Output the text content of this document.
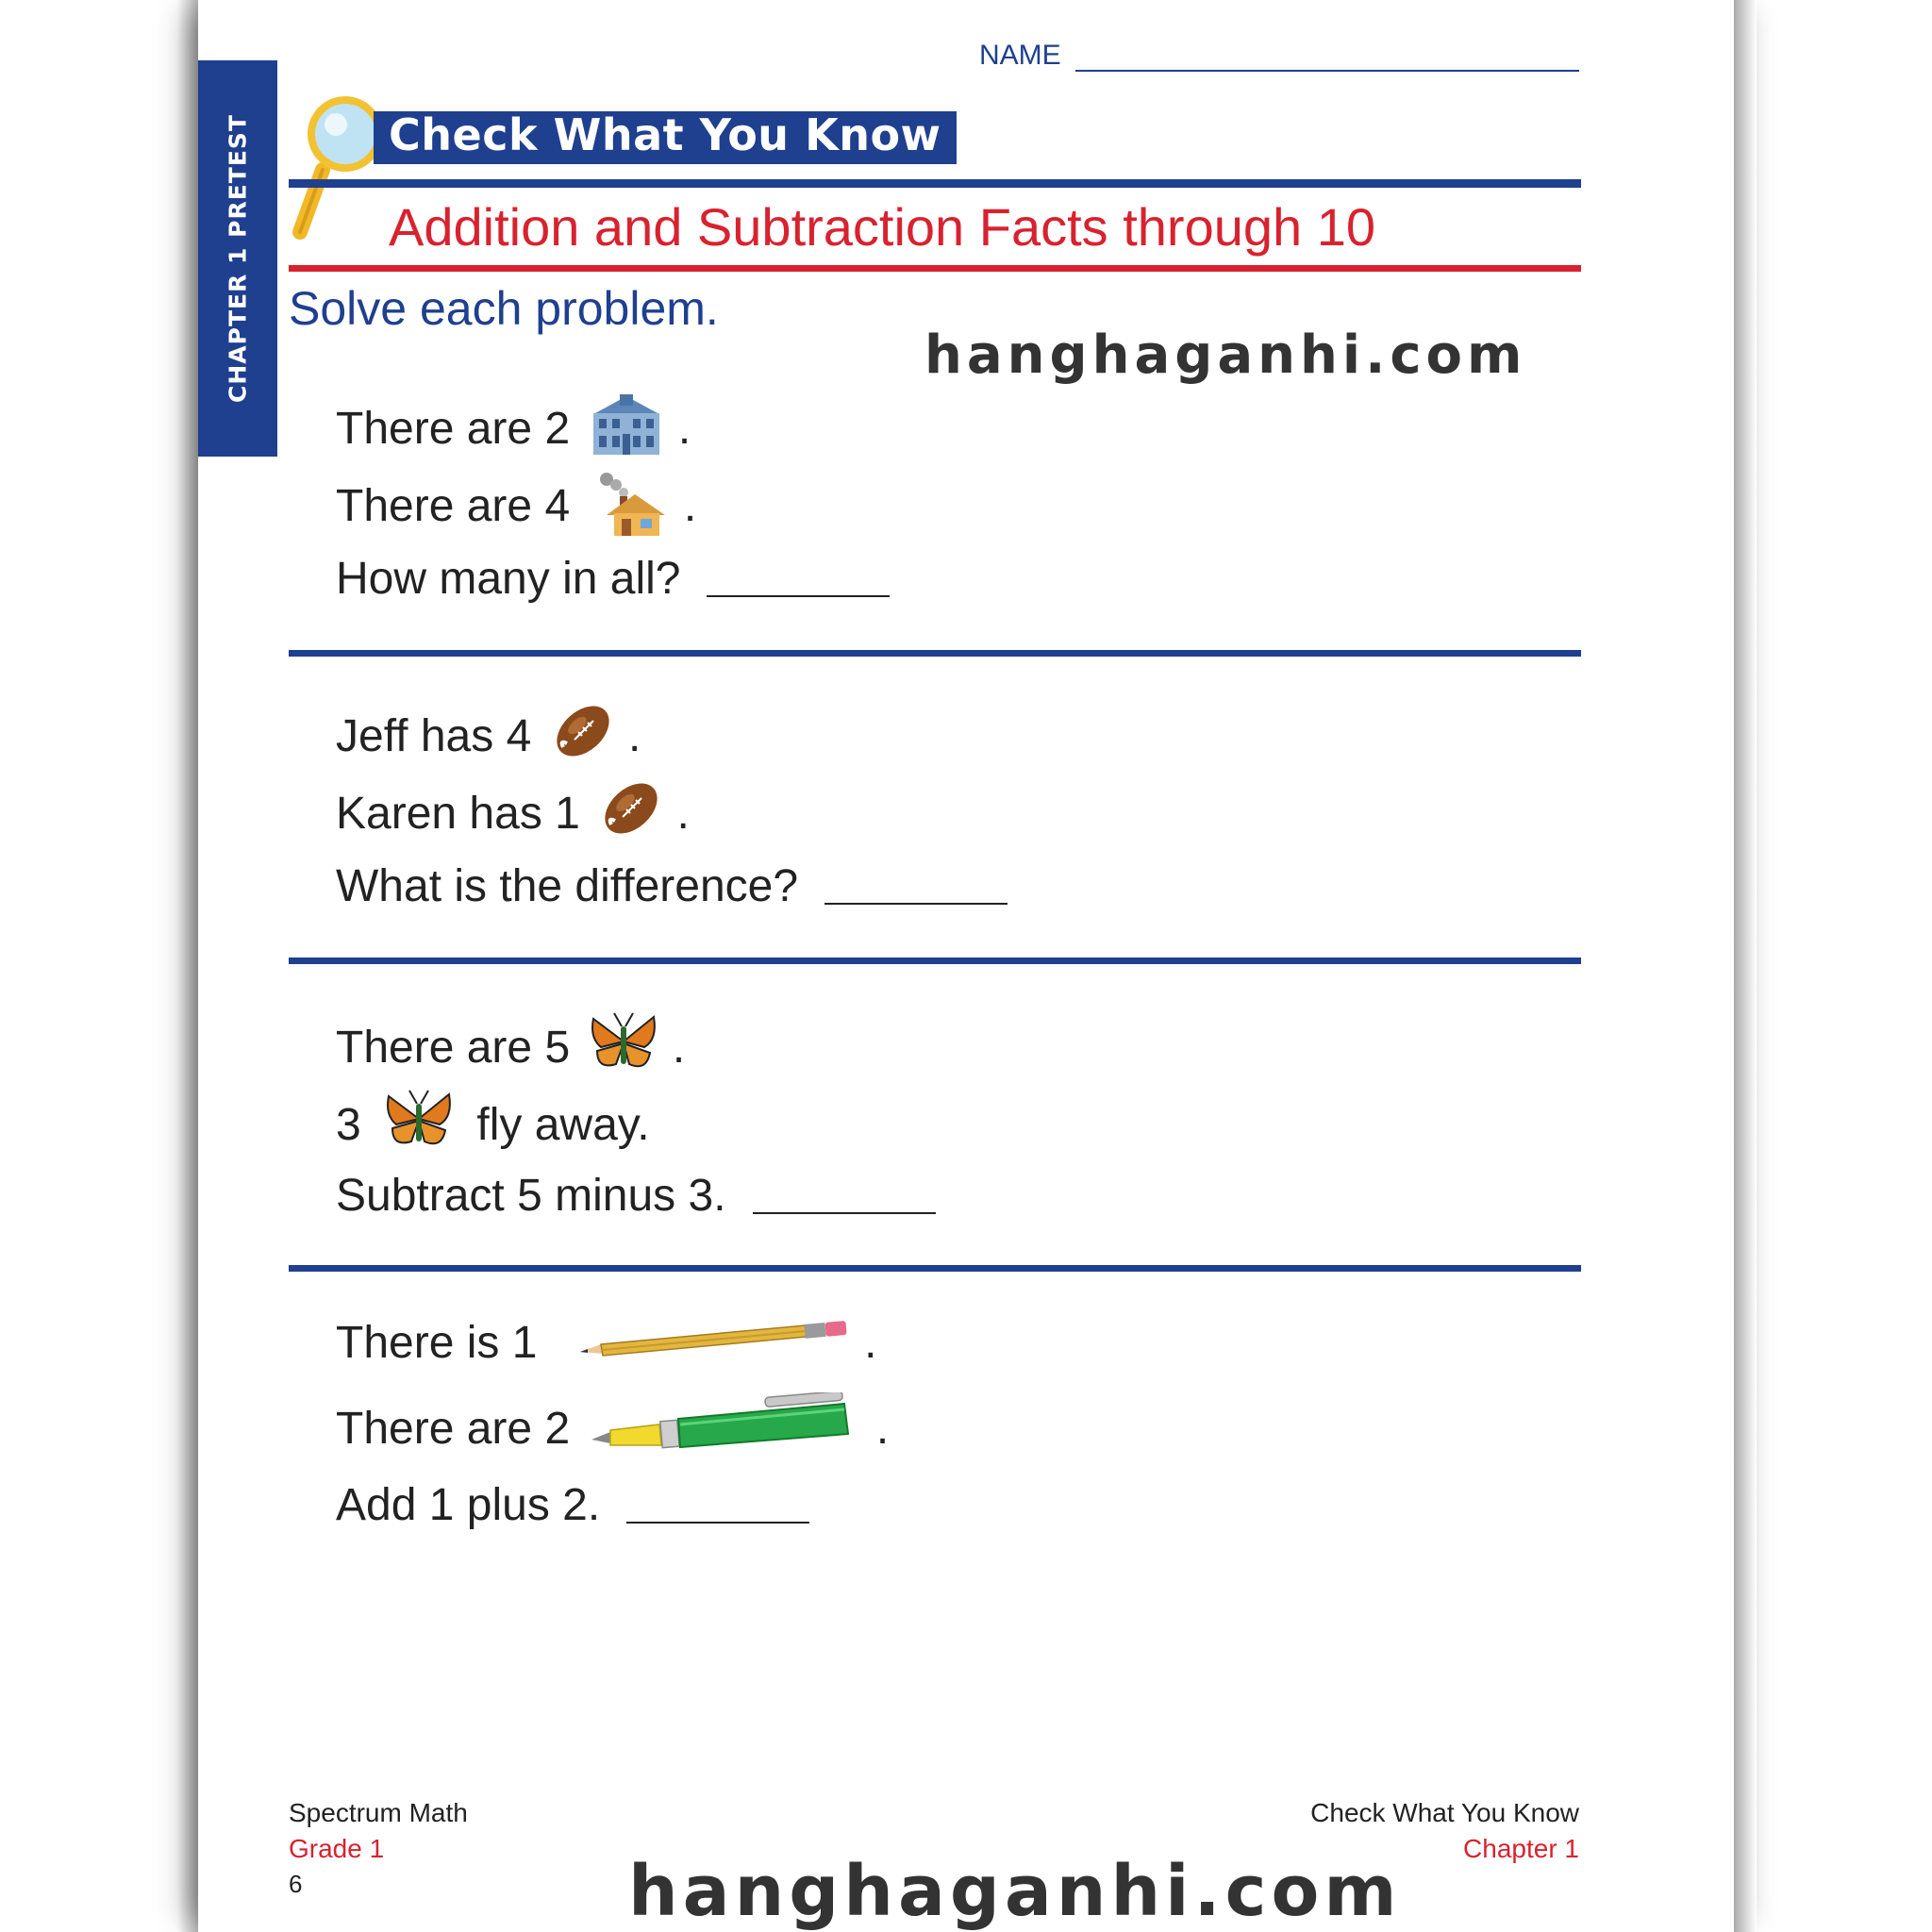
CHAPTER 1 PRETEST
NAME
Check What You Know
Addition and Subtraction Facts through 10
Solve each problem.
hanghaganhi.com
There are 2 .
There are 4	.
How many in all?
Jeff has 4 .
Karen has 1 .
What is the difference?
There are 5 .
3	fly away.
Subtract 5 minus 3.
There is 1	.
There are 2	.
Add 1 plus 2.
Spectrum Math
Grade 1
6
Check What You Know
Chapter 1
hanghaganhi.com
